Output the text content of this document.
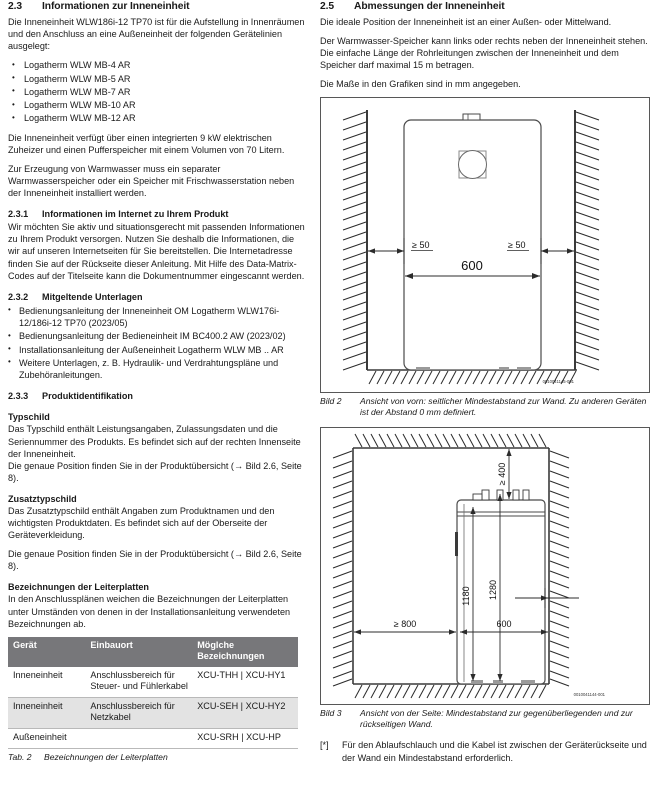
2.3 Informationen zur Inneneinheit

Die Inneneinheit WLW186i-12 TP70 ist für die Aufstellung in Innenräumen und den Anschluss an eine Außeneinheit der folgenden Gerätelinien ausgelegt:

• Logatherm WLW MB-4 AR
• Logatherm WLW MB-5 AR
• Logatherm WLW MB-7 AR
• Logatherm WLW MB-10 AR
• Logatherm WLW MB-12 AR

Die Inneneinheit verfügt über einen integrierten 9 kW elektrischen Zuheizer und einen Pufferspeicher mit einem Volumen von 70 Litern.

Zur Erzeugung von Warmwasser muss ein separater Warmwasserspeicher oder ein Speicher mit Frischwasserstation neben der Inneneinheit installiert werden.

2.3.1 Informationen im Internet zu Ihrem Produkt

Wir möchten Sie aktiv und situationsgerecht mit passenden Informationen zu Ihrem Produkt versorgen. Nutzen Sie deshalb die Informationen, die wir auf unseren Internetseiten für Sie bereitstellen. Die Internetadresse finden Sie auf der Rückseite dieser Anleitung. Mit Hilfe des Data-Matrix-Codes auf der Titelseite kann die Dokumentnummer eingescannt werden.

2.3.2 Mitgeltende Unterlagen
• Bedienungsanleitung der Inneneinheit OM Logatherm WLW176i-12/186i-12 TP70 (2023/05)
• Bedienungsanleitung der Bedieneinheit IM BC400.2 AW (2023/02)
• Installationsanleitung der Außeneinheit Logatherm WLW MB .. AR
• Weitere Unterlagen, z. B. Hydraulik- und Verdrahtungspläne und Zubehöranleitungen.
2.3.3 Produktidentifikation
Typschild

Das Typschild enthält Leistungsangaben, Zulassungsdaten und die Seriennummer des Produkts. Es befindet sich auf der rechten Innenseite der Inneneinheit.

Die genaue Position finden Sie in der Produktübersicht (→ Bild 2.6, Seite 8).

Zusatztypschild

Das Zusatztypschild enthält Angaben zum Produktnamen und den wichtigsten Produktdaten. Es befindet sich auf der Oberseite der Geräteverkleidung.

Die genaue Position finden Sie in der Produktübersicht (→ Bild 2.6, Seite 8).

Bezeichnungen der Leiterplatten

In den Anschlussplänen weichen die Bezeichnungen der Leiterplatten unter Umständen von denen in der Installationsanleitung verwendeten Bezeichnungen ab.

Gerät	Einbauort	Möglche
Bezeichnungen
Inneneinheit	Anschlussbereich für Steuer- und Fühlerkabel	XCU-THH | XCU-HY1
Inneneinheit	Anschlussbereich für Netzkabel	XCU-SEH | XCU-HY2
Außeneinheit		XCU-SRH | XCU-HP
Tab. 2 Bezeichnungen der Leiterplatten
2.5 Abmessungen der Inneneinheit

Die ideale Position der Inneneinheit ist an einer Außen- oder Mittelwand.

Der Warmwasser-Speicher kann links oder rechts neben der Inneneinheit stehen. Die einfache Länge der Rohrleitungen zwischen der Inneneinheit und dem Speicher darf maximal 15 m betragen.

Die Maße in den Grafiken sind in mm angegeben.

≥ 50	≥ 50
600
0010041145-001
Bild 2	Ansicht von vorn: seitlicher Mindestabstand zur Wand. Zu anderen Geräten ist der Abstand 0 mm definiert.
≥ 400
1180 1280
≥ 800	600
0010041144-001
Bild 3	Ansicht von der Seite: Mindestabstand zur gegenüberliegenden und zur rückseitigen Wand.
[*]	Für den Ablaufschlauch und die Kabel ist zwischen der Geräterückseite und der Wand ein Mindestabstand erforderlich.
